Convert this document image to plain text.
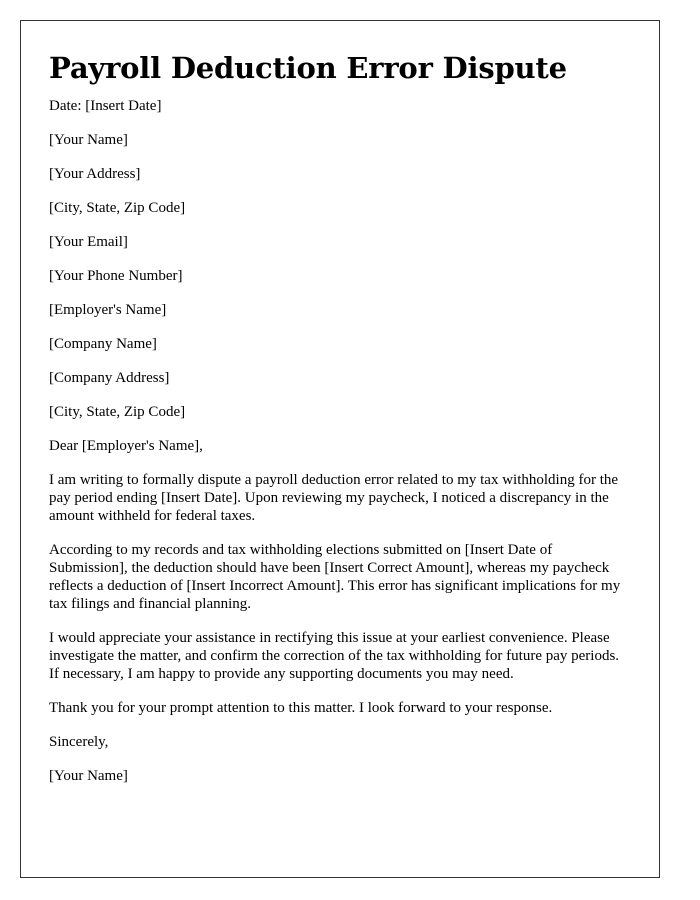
Payroll Deduction Error Dispute
Date: [Insert Date]
[Your Name]
[Your Address]
[City, State, Zip Code]
[Your Email]
[Your Phone Number]
[Employer's Name]
[Company Name]
[Company Address]
[City, State, Zip Code]
Dear [Employer's Name],

I am writing to formally dispute a payroll deduction error related to my tax withholding for the pay period ending [Insert Date]. Upon reviewing my paycheck, I noticed a discrepancy in the amount withheld for federal taxes.

According to my records and tax withholding elections submitted on [Insert Date of Submission], the deduction should have been [Insert Correct Amount], whereas my paycheck reflects a deduction of [Insert Incorrect Amount]. This error has significant implications for my tax filings and financial planning.

I would appreciate your assistance in rectifying this issue at your earliest convenience. Please investigate the matter, and confirm the correction of the tax withholding for future pay periods. If necessary, I am happy to provide any supporting documents you may need.

Thank you for your prompt attention to this matter. I look forward to your response.

Sincerely,
[Your Name]
